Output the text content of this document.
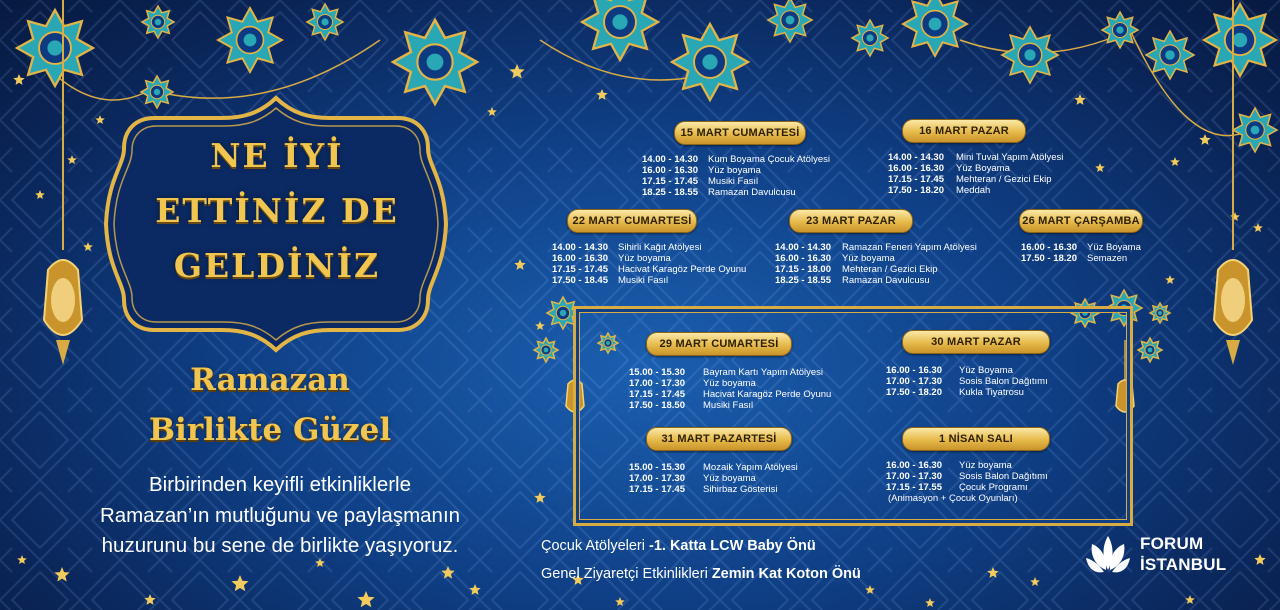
NE İYİ
ETTİNİZ DE
GELDİNİZ
Ramazan
Birlikte Güzel
Birbirinden keyifli etkinliklerle
Ramazan’ın mutluğunu ve paylaşmanın
huzurunu bu sene de birlikte yaşıyoruz.
15 MART CUMARTESİ	16 MART PAZAR
22 MART CUMARTESİ	23 MART PAZAR	26 MART ÇARŞAMBA
29 MART CUMARTESİ	30 MART PAZAR
31 MART PAZARTESİ	1 NİSAN SALI
14.00 - 14.30	Kum Boyama Çocuk Atölyesi
16.00 - 16.30	Yüz boyama
17.15 - 17.45	Musiki Fasıl
18.25 - 18.55	Ramazan Davulcusu
14.00 - 14.30	Mini Tuval Yapım Atölyesi
16.00 - 16.30	Yüz Boyama
17.15 - 17.45	Mehteran / Gezici Ekip
17.50 - 18.20	Meddah
14.00 - 14.30	Sihirli Kağıt Atölyesi
16.00 - 16.30	Yüz boyama
17.15 - 17.45	Hacivat Karagöz Perde Oyunu
17.50 - 18.45	Musiki Fasıl
14.00 - 14.30	Ramazan Feneri Yapım Atölyesi
16.00 - 16.30	Yüz boyama
17.15 - 18.00	Mehteran / Gezici Ekip
18.25 - 18.55	Ramazan Davulcusu
16.00 - 16.30	Yüz Boyama
17.50 - 18.20	Semazen
15.00 - 15.30	Bayram Kartı Yapım Atölyesi
17.00 - 17.30	Yüz boyama
17.15 - 17.45	Hacivat Karagöz Perde Oyunu
17.50 - 18.50	Musiki Fasıl
16.00 - 16.30	Yüz Boyama
17.00 - 17.30	Sosis Balon Dağıtımı
17.50 - 18.20	Kukla Tiyatrosu
15.00 - 15.30	Mozaik Yapım Atölyesi
17.00 - 17.30	Yüz boyama
17.15 - 17.45	Sihirbaz Gösterisi
16.00 - 16.30	Yüz boyama
17.00 - 17.30	Sosis Balon Dağıtımı
17.15 - 17.55	Çocuk Programı
(Animasyon + Çocuk Oyunları)
Çocuk Atölyeleri -1. Katta LCW Baby Önü
Genel Ziyaretçi Etkinlikleri Zemin Kat Koton Önü
FORUM
İSTANBUL
